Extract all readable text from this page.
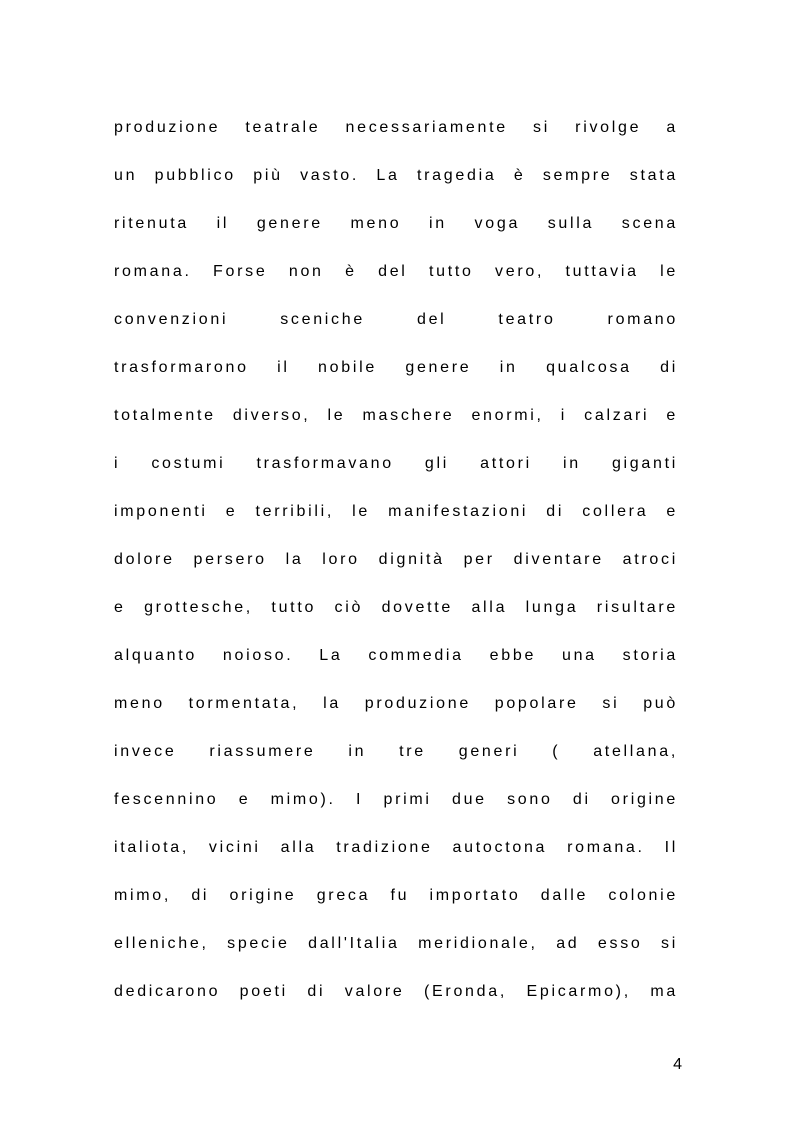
produzione teatrale necessariamente si rivolge a
un pubblico più vasto. La tragedia è sempre stata
ritenuta il genere meno in voga sulla scena
romana. Forse non è del tutto vero, tuttavia le
convenzioni sceniche del teatro romano
trasformarono il nobile genere in qualcosa di
totalmente diverso, le maschere enormi, i calzari e
i costumi trasformavano gli attori in giganti
imponenti e terribili, le manifestazioni di collera e
dolore persero la loro dignità per diventare atroci
e grottesche, tutto ciò dovette alla lunga risultare
alquanto noioso. La commedia ebbe una storia
meno tormentata, la produzione popolare si può
invece riassumere in tre generi ( atellana,
fescennino e mimo). I primi due sono di origine
italiota, vicini alla tradizione autoctona romana. Il
mimo, di origine greca fu importato dalle colonie
elleniche, specie dall'Italia meridionale, ad esso si
dedicarono poeti di valore (Eronda, Epicarmo), ma
4
